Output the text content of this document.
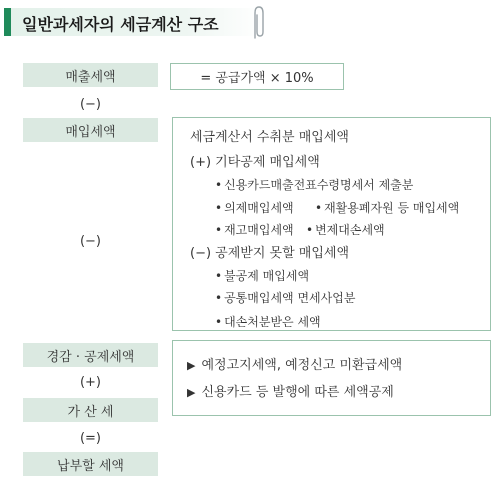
일반과세자의 세금계산 구조
매출세액
(−)
매입세액
(−)
경감 · 공제세액
(+)
가 산 세
(=)
납부할 세액
= 공급가액 × 10%
세금계산서 수취분 매입세액
(+) 기타공제 매입세액
• 신용카드매출전표수령명세서 제출분
• 의제매입세액	• 재활용폐자원 등 매입세액
• 재고매입세액	• 변제대손세액
(−) 공제받지 못할 매입세액
• 불공제 매입세액
• 공통매입세액 면세사업분
• 대손처분받은 세액
▶ 예정고지세액, 예정신고 미환급세액
▶ 신용카드 등 발행에 따른 세액공제
